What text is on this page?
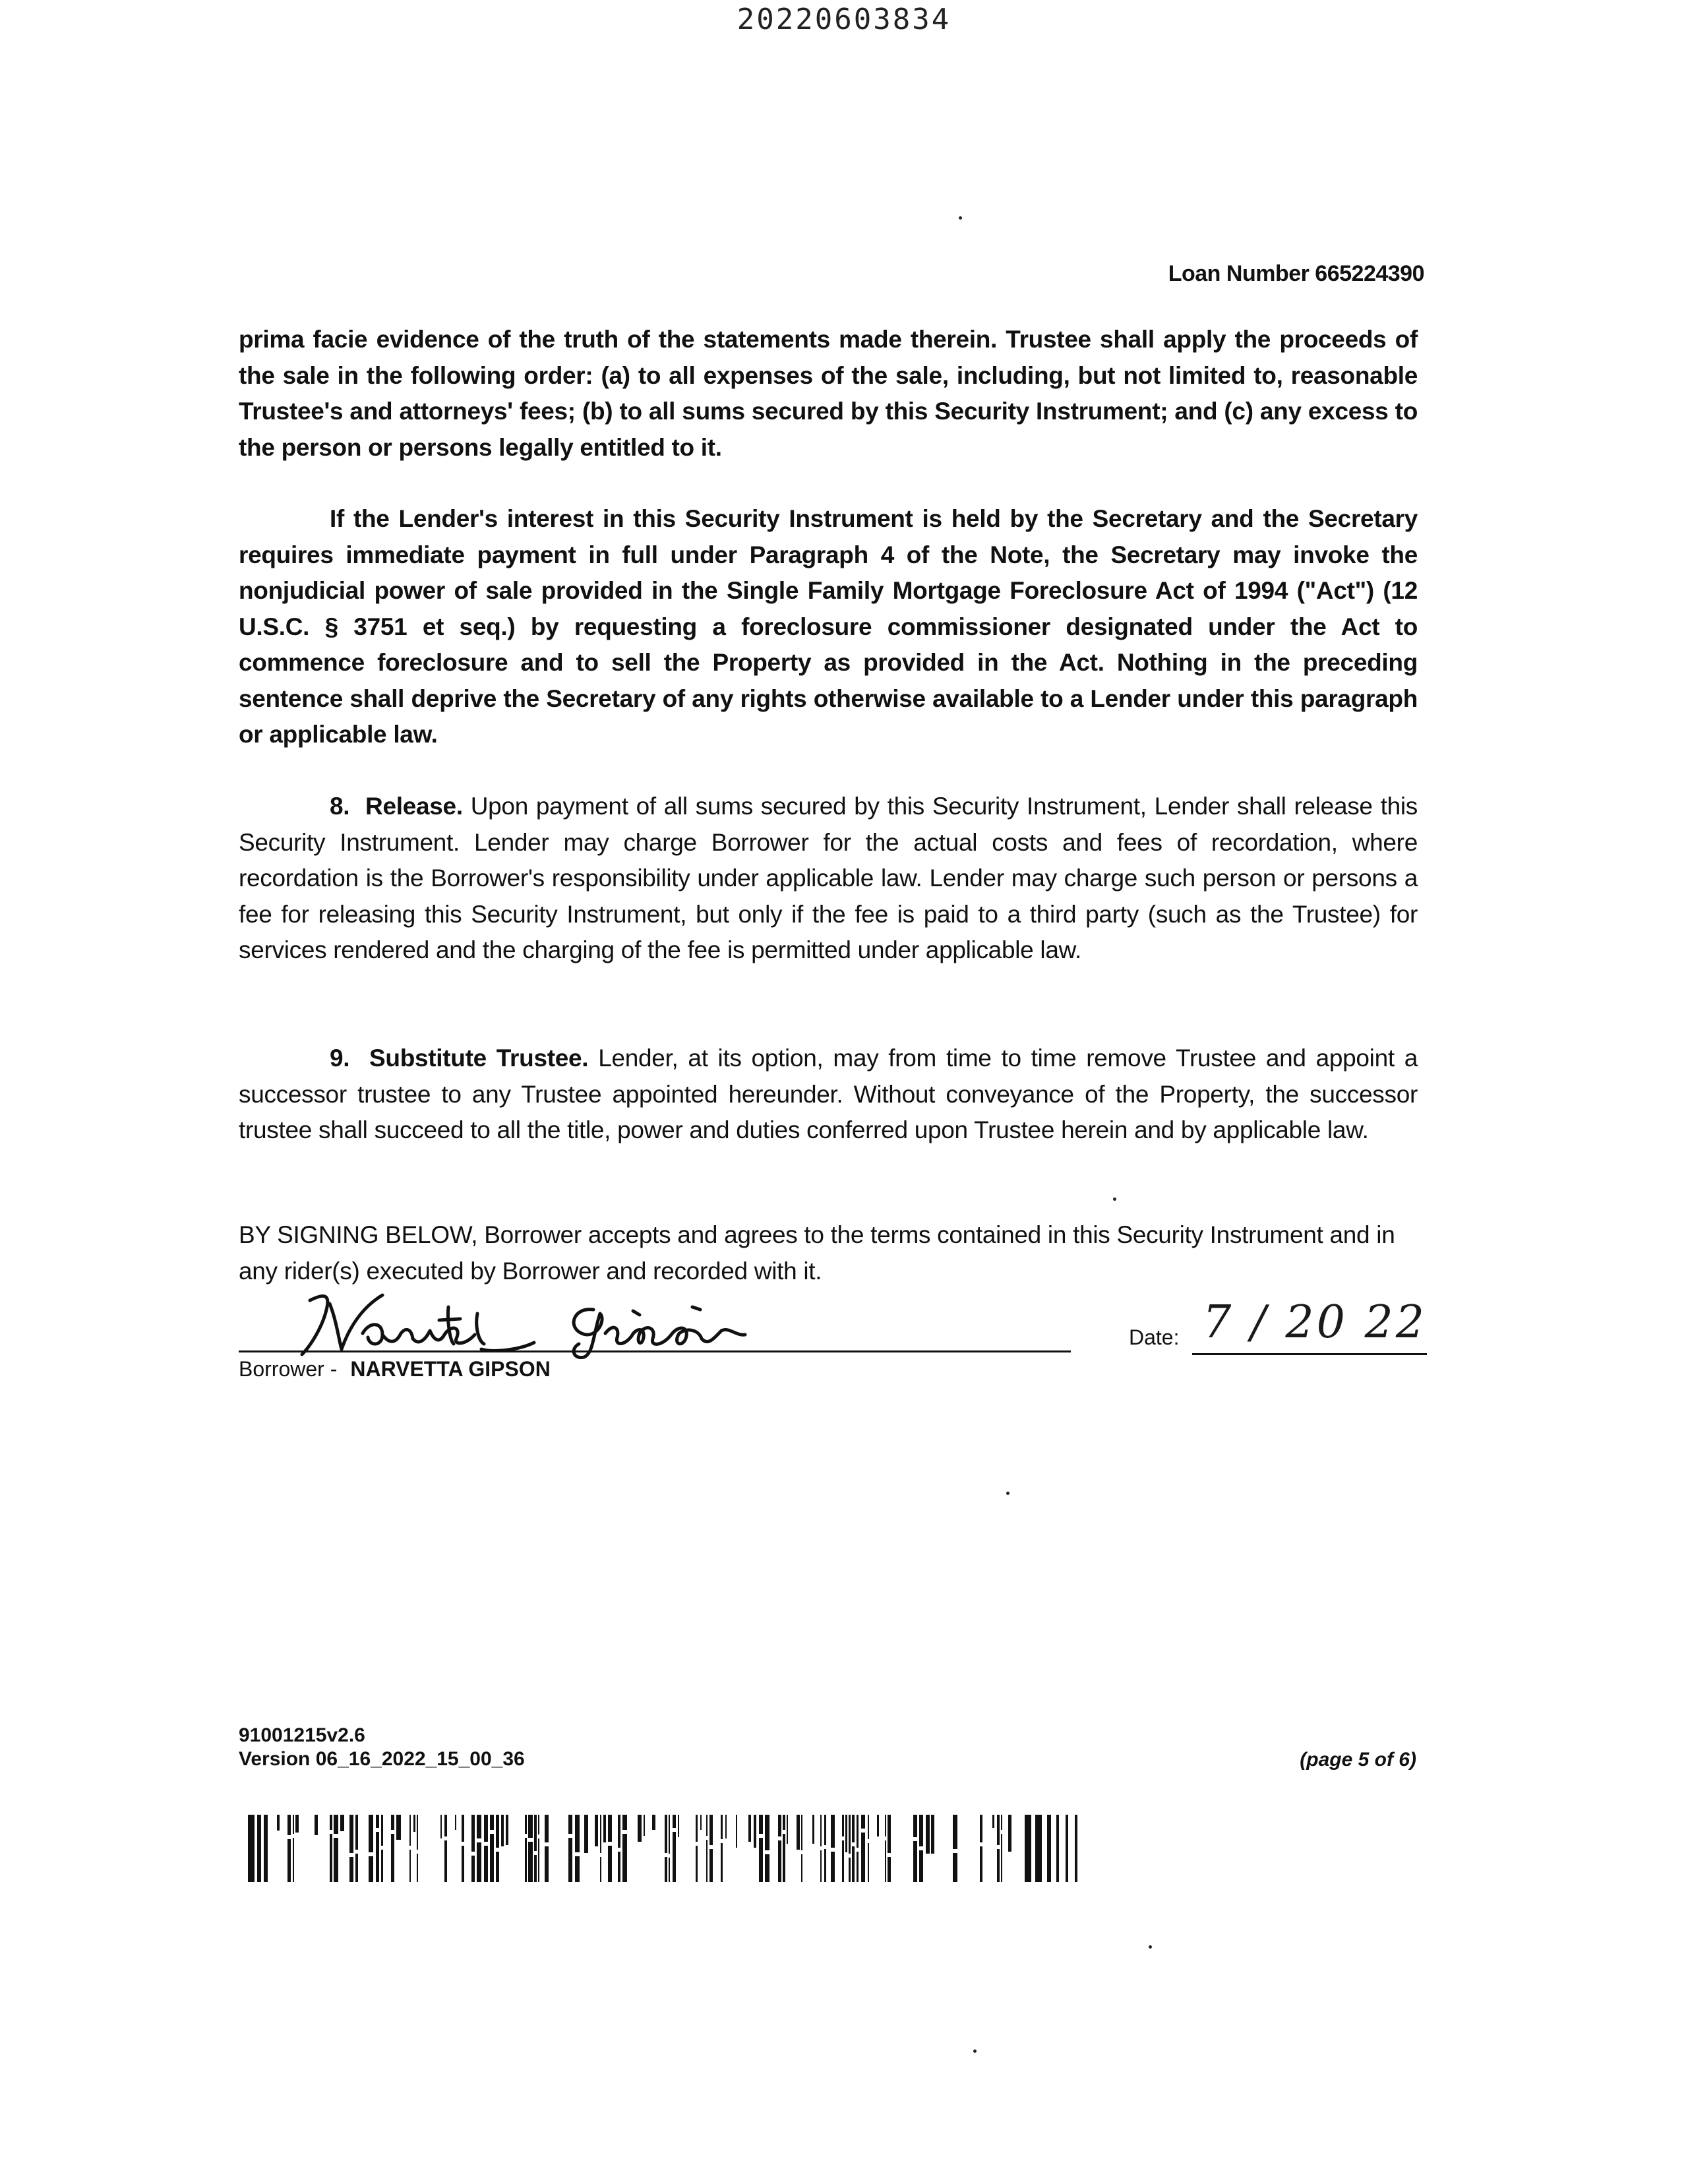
20220603834
Loan Number 665224390
prima facie evidence of the truth of the statements made therein. Trustee shall apply the proceeds of the sale in the following order: (a) to all expenses of the sale, including, but not limited to, reasonable Trustee's and attorneys' fees; (b) to all sums secured by this Security Instrument; and (c) any excess to the person or persons legally entitled to it.
If the Lender's interest in this Security Instrument is held by the Secretary and the Secretary requires immediate payment in full under Paragraph 4 of the Note, the Secretary may invoke the nonjudicial power of sale provided in the Single Family Mortgage Foreclosure Act of 1994 ("Act") (12 U.S.C. § 3751 et seq.) by requesting a foreclosure commissioner designated under the Act to commence foreclosure and to sell the Property as provided in the Act. Nothing in the preceding sentence shall deprive the Secretary of any rights otherwise available to a Lender under this paragraph or applicable law.
8. Release. Upon payment of all sums secured by this Security Instrument, Lender shall release this Security Instrument. Lender may charge Borrower for the actual costs and fees of recordation, where recordation is the Borrower's responsibility under applicable law. Lender may charge such person or persons a fee for releasing this Security Instrument, but only if the fee is paid to a third party (such as the Trustee) for services rendered and the charging of the fee is permitted under applicable law.
9. Substitute Trustee. Lender, at its option, may from time to time remove Trustee and appoint a successor trustee to any Trustee appointed hereunder. Without conveyance of the Property, the successor trustee shall succeed to all the title, power and duties conferred upon Trustee herein and by applicable law.
BY SIGNING BELOW, Borrower accepts and agrees to the terms contained in this Security Instrument and in any rider(s) executed by Borrower and recorded with it.
Borrower - NARVETTA GIPSON
Date: 7 / 20 22
91001215v2.6
Version 06_16_2022_15_00_36	(page 5 of 6)
